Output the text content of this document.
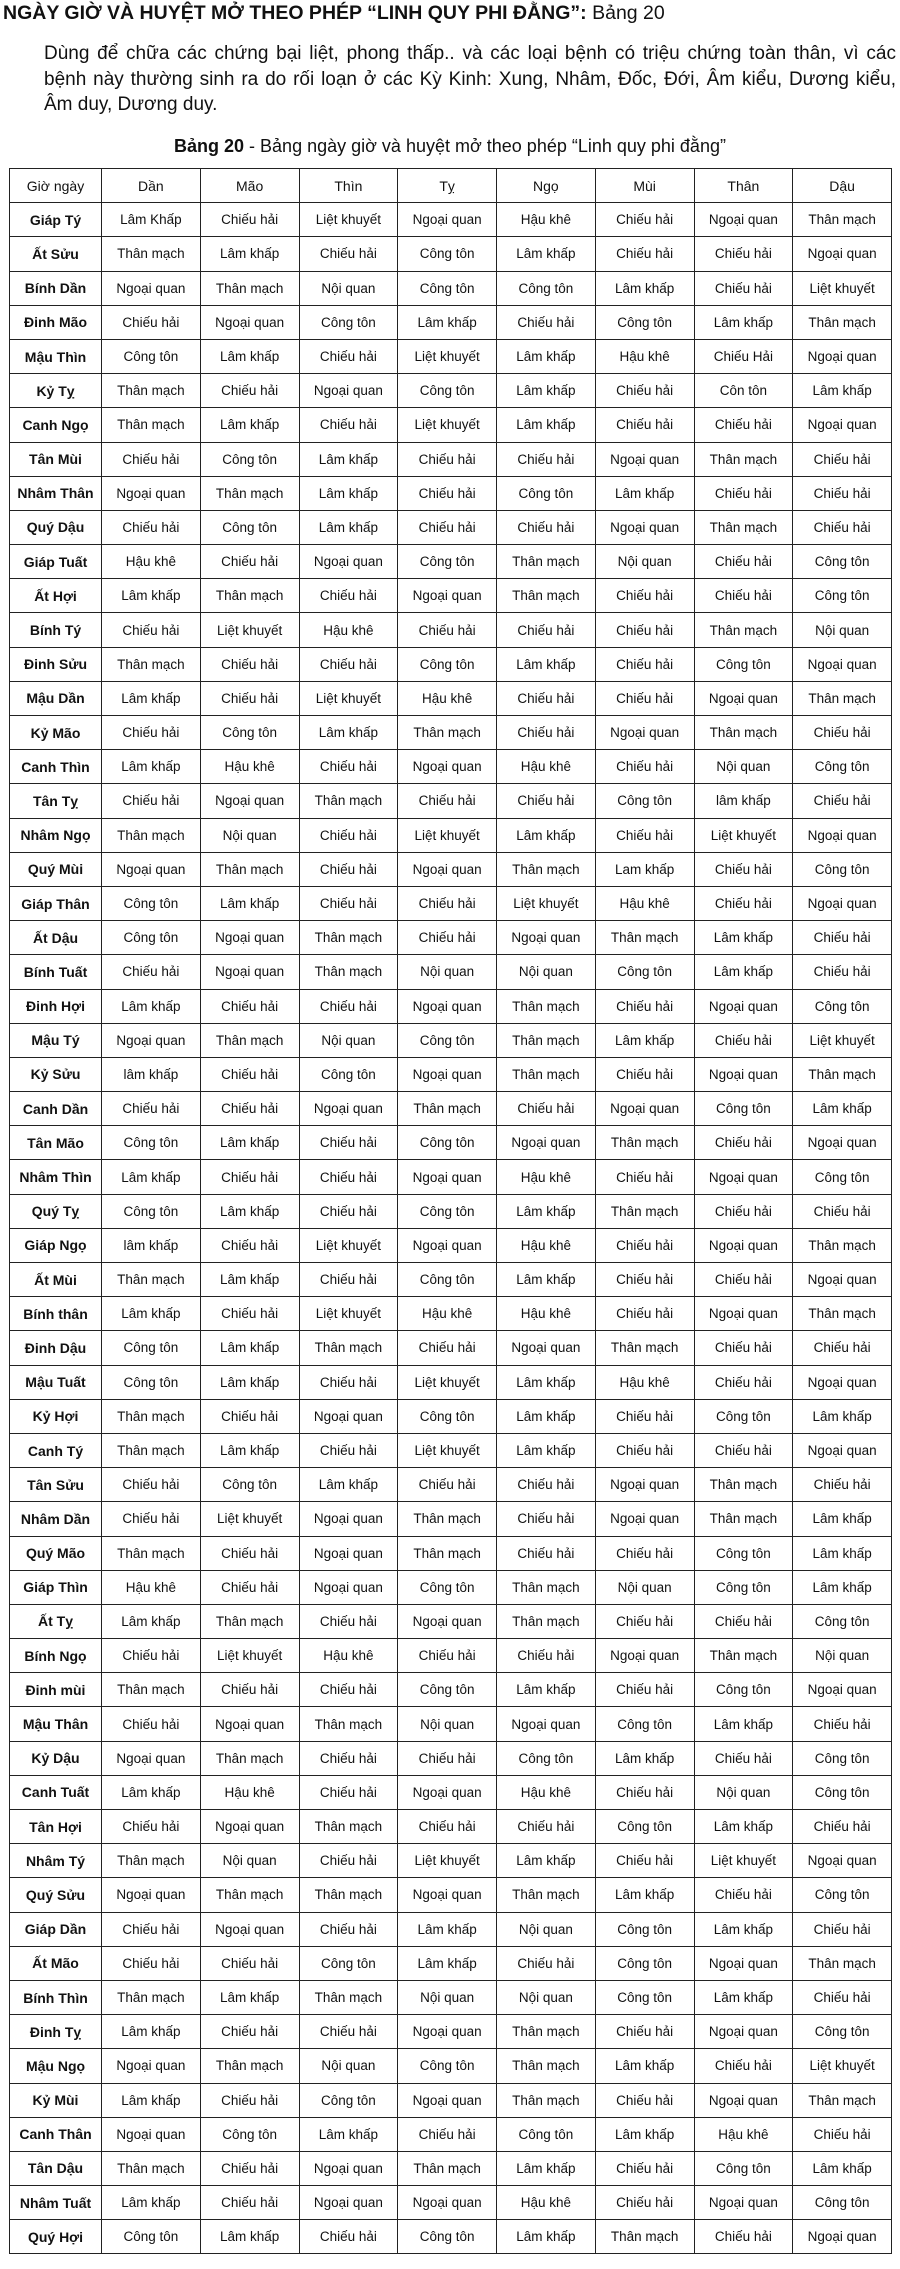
NGÀY GIỜ VÀ HUYỆT MỞ THEO PHÉP “LINH QUY PHI ĐẰNG”: Bảng 20
Dùng để chữa các chứng bại liệt, phong thấp.. và các loại bệnh có triệu chứng toàn thân, vì các bệnh này thường sinh ra do rối loạn ở các Kỳ Kinh: Xung, Nhâm, Đốc, Đới, Âm kiểu, Dương kiểu, Âm duy, Dương duy.
Bảng 20 - Bảng ngày giờ và huyệt mở theo phép “Linh quy phi đằng”
Giờ ngày	Dần	Mão	Thìn	Tỵ	Ngọ	Mùi	Thân	Dậu
Giáp Tý	Lâm Khấp	Chiếu hải	Liệt khuyết	Ngoại quan	Hậu khê	Chiếu hải	Ngoại quan	Thân mạch
Ất Sửu	Thân mạch	Lâm khấp	Chiếu hải	Công tôn	Lâm khấp	Chiếu hải	Chiếu hải	Ngoại quan
Bính Dần	Ngoại quan	Thân mạch	Nội quan	Công tôn	Công tôn	Lâm khấp	Chiếu hải	Liệt khuyết
Đinh Mão	Chiếu hải	Ngoại quan	Công tôn	Lâm khấp	Chiếu hải	Công tôn	Lâm khấp	Thân mạch
Mậu Thìn	Công tôn	Lâm khấp	Chiếu hải	Liệt khuyết	Lâm khấp	Hậu khê	Chiếu Hải	Ngoại quan
Kỷ Tỵ	Thân mạch	Chiếu hải	Ngoại quan	Công tôn	Lâm khấp	Chiếu hải	Côn tôn	Lâm khấp
Canh Ngọ	Thân mạch	Lâm khấp	Chiếu hải	Liệt khuyết	Lâm khấp	Chiếu hải	Chiếu hải	Ngoại quan
Tân Mùi	Chiếu hải	Công tôn	Lâm khấp	Chiếu hải	Chiếu hải	Ngoại quan	Thân mạch	Chiếu hải
Nhâm Thân	Ngoại quan	Thân mạch	Lâm khấp	Chiếu hải	Công tôn	Lâm khấp	Chiếu hải	Chiếu hải
Quý Dậu	Chiếu hải	Công tôn	Lâm khấp	Chiếu hải	Chiếu hải	Ngoại quan	Thân mạch	Chiếu hải
Giáp Tuất	Hậu khê	Chiếu hải	Ngoại quan	Công tôn	Thân mạch	Nội quan	Chiếu hải	Công tôn
Ất Hợi	Lâm khấp	Thân mạch	Chiếu hải	Ngoại quan	Thân mạch	Chiếu hải	Chiếu hải	Công tôn
Bính Tý	Chiếu hải	Liệt khuyết	Hậu khê	Chiếu hải	Chiếu hải	Chiếu hải	Thân mạch	Nội quan
Đinh Sửu	Thân mạch	Chiếu hải	Chiếu hải	Công tôn	Lâm khấp	Chiếu hải	Công tôn	Ngoại quan
Mậu Dần	Lâm khấp	Chiếu hải	Liệt khuyết	Hậu khê	Chiếu hải	Chiếu hải	Ngoại quan	Thân mạch
Kỷ Mão	Chiếu hải	Công tôn	Lâm khấp	Thân mạch	Chiếu hải	Ngoại quan	Thân mạch	Chiếu hải
Canh Thìn	Lâm khấp	Hậu khê	Chiếu hải	Ngoại quan	Hậu khê	Chiếu hải	Nội quan	Công tôn
Tân Tỵ	Chiếu hải	Ngoại quan	Thân mạch	Chiếu hải	Chiếu hải	Công tôn	lâm khấp	Chiếu hải
Nhâm Ngọ	Thân mạch	Nội quan	Chiếu hải	Liệt khuyết	Lâm khấp	Chiếu hải	Liệt khuyết	Ngoại quan
Quý Mùi	Ngoại quan	Thân mạch	Chiếu hải	Ngoại quan	Thân mạch	Lam khấp	Chiếu hải	Công tôn
Giáp Thân	Công tôn	Lâm khấp	Chiếu hải	Chiếu hải	Liệt khuyết	Hậu khê	Chiếu hải	Ngoại quan
Ất Dậu	Công tôn	Ngoại quan	Thân mạch	Chiếu hải	Ngoại quan	Thân mạch	Lâm khấp	Chiếu hải
Bính Tuất	Chiếu hải	Ngoại quan	Thân mạch	Nội quan	Nội quan	Công tôn	Lâm khấp	Chiếu hải
Đinh Hợi	Lâm khấp	Chiếu hải	Chiếu hải	Ngoại quan	Thân mạch	Chiếu hải	Ngoại quan	Công tôn
Mậu Tý	Ngoại quan	Thân mạch	Nội quan	Công tôn	Thân mạch	Lâm khấp	Chiếu hải	Liệt khuyết
Kỷ Sửu	lâm khấp	Chiếu hải	Công tôn	Ngoại quan	Thân mạch	Chiếu hải	Ngoại quan	Thân mạch
Canh Dần	Chiếu hải	Chiếu hải	Ngoại quan	Thân mạch	Chiếu hải	Ngoại quan	Công tôn	Lâm khấp
Tân Mão	Công tôn	Lâm khấp	Chiếu hải	Công tôn	Ngoại quan	Thân mạch	Chiếu hải	Ngoại quan
Nhâm Thìn	Lâm khấp	Chiếu hải	Chiếu hải	Ngoại quan	Hậu khê	Chiếu hải	Ngoại quan	Công tôn
Quý Tỵ	Công tôn	Lâm khấp	Chiếu hải	Công tôn	Lâm khấp	Thân mạch	Chiếu hải	Chiếu hải
Giáp Ngọ	lâm khấp	Chiếu hải	Liệt khuyết	Ngoại quan	Hậu khê	Chiếu hải	Ngoại quan	Thân mạch
Ất Mùi	Thân mạch	Lâm khấp	Chiếu hải	Công tôn	Lâm khấp	Chiếu hải	Chiếu hải	Ngoại quan
Bính thân	Lâm khấp	Chiếu hải	Liệt khuyết	Hậu khê	Hậu khê	Chiếu hải	Ngoại quan	Thân mạch
Đinh Dậu	Công tôn	Lâm khấp	Thân mạch	Chiếu hải	Ngoại quan	Thân mạch	Chiếu hải	Chiếu hải
Mậu Tuất	Công tôn	Lâm khấp	Chiếu hải	Liệt khuyết	Lâm khấp	Hậu khê	Chiếu hải	Ngoại quan
Kỷ Hợi	Thân mạch	Chiếu hải	Ngoại quan	Công tôn	Lâm khấp	Chiếu hải	Công tôn	Lâm khấp
Canh Tý	Thân mạch	Lâm khấp	Chiếu hải	Liệt khuyết	Lâm khấp	Chiếu hải	Chiếu hải	Ngoại quan
Tân Sửu	Chiếu hải	Công tôn	Lâm khấp	Chiếu hải	Chiếu hải	Ngoại quan	Thân mạch	Chiếu hải
Nhâm Dần	Chiếu hải	Liệt khuyết	Ngoại quan	Thân mạch	Chiếu hải	Ngoại quan	Thân mạch	Lâm khấp
Quý Mão	Thân mạch	Chiếu hải	Ngoại quan	Thân mạch	Chiếu hải	Chiếu hải	Công tôn	Lâm khấp
Giáp Thìn	Hậu khê	Chiếu hải	Ngoại quan	Công tôn	Thân mạch	Nội quan	Công tôn	Lâm khấp
Ất Tỵ	Lâm khấp	Thân mạch	Chiếu hải	Ngoại quan	Thân mạch	Chiếu hải	Chiếu hải	Công tôn
Bính Ngọ	Chiếu hải	Liệt khuyết	Hậu khê	Chiếu hải	Chiếu hải	Ngoại quan	Thân mạch	Nội quan
Đinh mùi	Thân mạch	Chiếu hải	Chiếu hải	Công tôn	Lâm khấp	Chiếu hải	Công tôn	Ngoại quan
Mậu Thân	Chiếu hải	Ngoại quan	Thân mạch	Nội quan	Ngoại quan	Công tôn	Lâm khấp	Chiếu hải
Kỷ Dậu	Ngoại quan	Thân mạch	Chiếu hải	Chiếu hải	Công tôn	Lâm khấp	Chiếu hải	Công tôn
Canh Tuất	Lâm khấp	Hậu khê	Chiếu hải	Ngoại quan	Hậu khê	Chiếu hải	Nội quan	Công tôn
Tân Hợi	Chiếu hải	Ngoại quan	Thân mạch	Chiếu hải	Chiếu hải	Công tôn	Lâm khấp	Chiếu hải
Nhâm Tý	Thân mạch	Nội quan	Chiếu hải	Liệt khuyết	Lâm khấp	Chiếu hải	Liệt khuyết	Ngoại quan
Quý Sửu	Ngoại quan	Thân mạch	Thân mạch	Ngoại quan	Thân mạch	Lâm khấp	Chiếu hải	Công tôn
Giáp Dần	Chiếu hải	Ngoại quan	Chiếu hải	Lâm khấp	Nội quan	Công tôn	Lâm khấp	Chiếu hải
Ất Mão	Chiếu hải	Chiếu hải	Công tôn	Lâm khấp	Chiếu hải	Công tôn	Ngoại quan	Thân mạch
Bính Thìn	Thân mạch	Lâm khấp	Thân mạch	Nội quan	Nội quan	Công tôn	Lâm khấp	Chiếu hải
Đinh Tỵ	Lâm khấp	Chiếu hải	Chiếu hải	Ngoại quan	Thân mạch	Chiếu hải	Ngoại quan	Công tôn
Mậu Ngọ	Ngoại quan	Thân mạch	Nội quan	Công tôn	Thân mạch	Lâm khấp	Chiếu hải	Liệt khuyết
Kỷ Mùi	Lâm khấp	Chiếu hải	Công tôn	Ngoại quan	Thân mạch	Chiếu hải	Ngoại quan	Thân mạch
Canh Thân	Ngoại quan	Công tôn	Lâm khấp	Chiếu hải	Công tôn	Lâm khấp	Hậu khê	Chiếu hải
Tân Dậu	Thân mạch	Chiếu hải	Ngoại quan	Thân mạch	Lâm khấp	Chiếu hải	Công tôn	Lâm khấp
Nhâm Tuất	Lâm khấp	Chiếu hải	Ngoại quan	Ngoại quan	Hậu khê	Chiếu hải	Ngoại quan	Công tôn
Quý Hợi	Công tôn	Lâm khấp	Chiếu hải	Công tôn	Lâm khấp	Thân mạch	Chiếu hải	Ngoại quan
